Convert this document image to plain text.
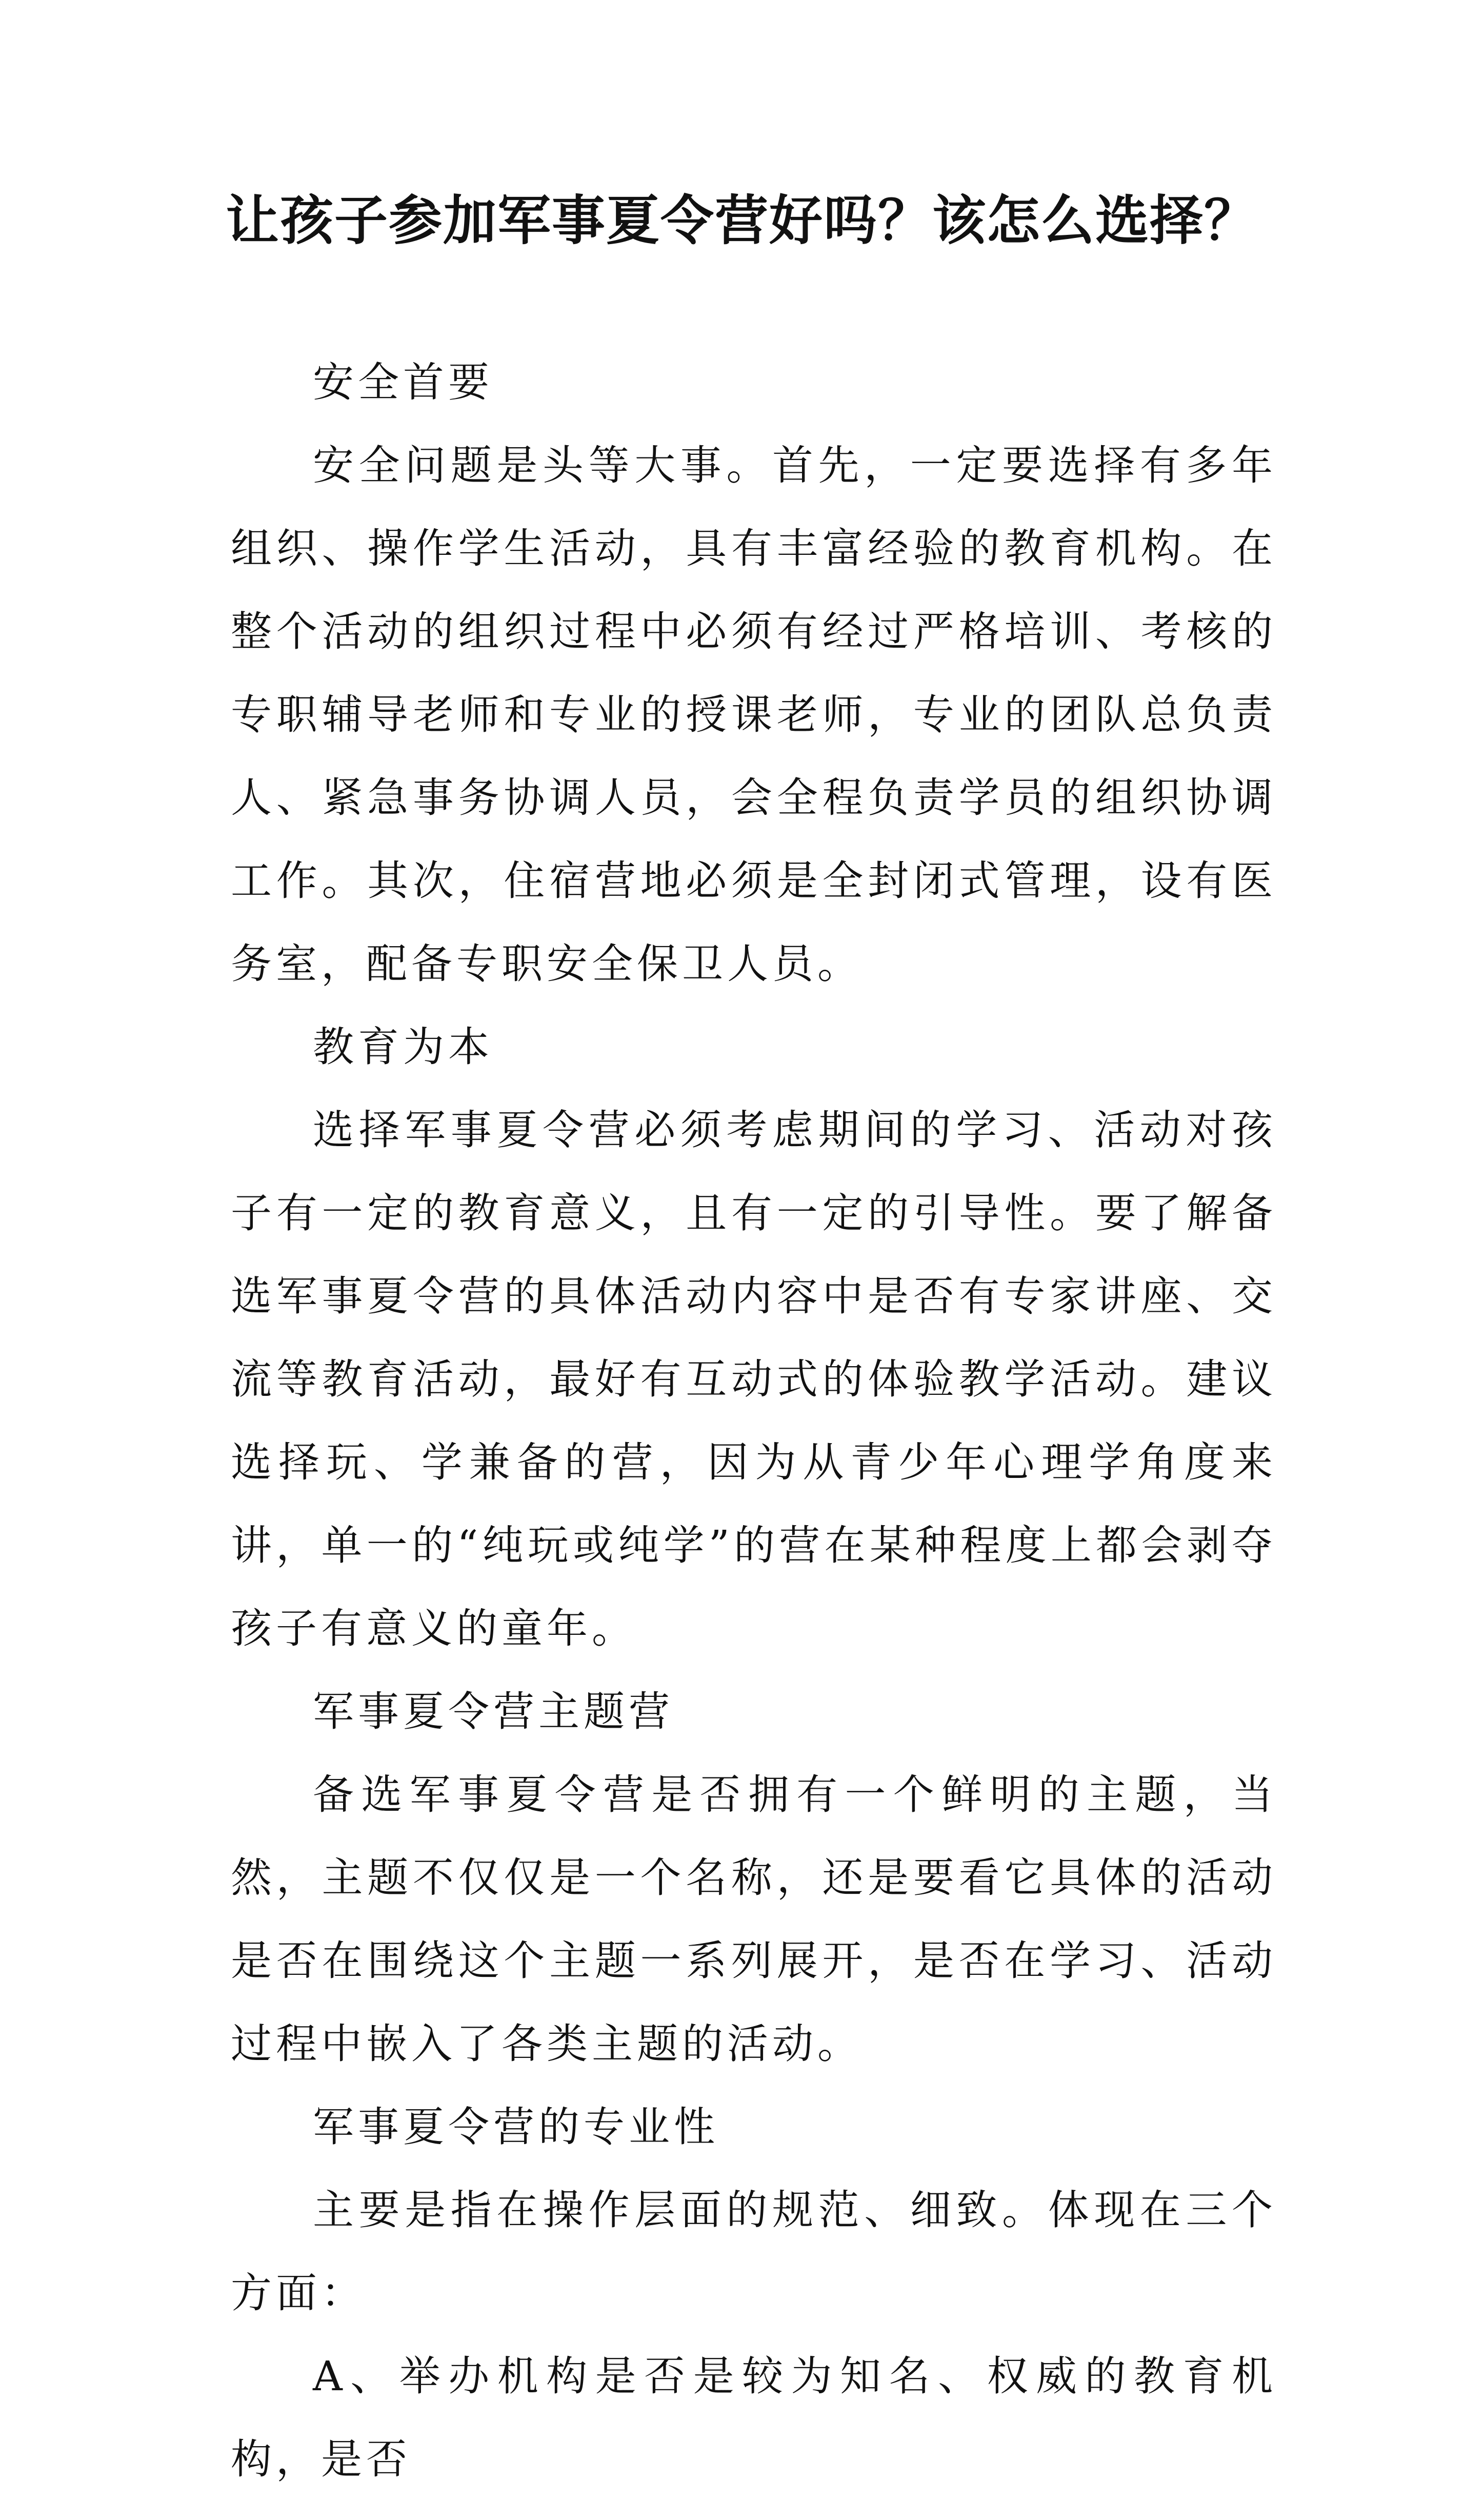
让孩子参加军事夏令营好吗？该怎么选择？

安全首要

安全问题是头等大事。首先，一定要选择有多年组织、操作学生活动，具有丰富经验的教育机构。在整个活动的组织过程中必须有经过严格培训、考核的专职辅导老师和专业的授课老师，专业的团队总负责人、紧急事务协调人员，会全程负责学员的组织协调工作。其次，住宿营地必须是全封闭式管理，设有医务室，配备专职安全保卫人员。

教育为本

选择军事夏令营必须考虑期间的学习、活动对孩子有一定的教育意义，且有一定的引导性。要了解备选军事夏令营的具体活动内容中是否有专家讲座、交流等教育活动，最好有互动式的体验教学活动。建议选择玩、学兼备的营，因为从青少年心理学角度来讲，单一的“纯玩或纯学”的营在某种程度上都会剥夺孩子有意义的童年。

军事夏令营主题营

备选军事夏令营是否拥有一个鲜明的主题，当然，主题不仅仅是一个名称，还是要看它具体的活动是否在围绕这个主题一系列展开，是否在学习、活动过程中嵌入了各类主题的活动。

军事夏令营的专业性

主要是指在操作层面的规范、细致。体现在三个方面：

A、举办机构是否是较为知名、权威的教育机构，是否
